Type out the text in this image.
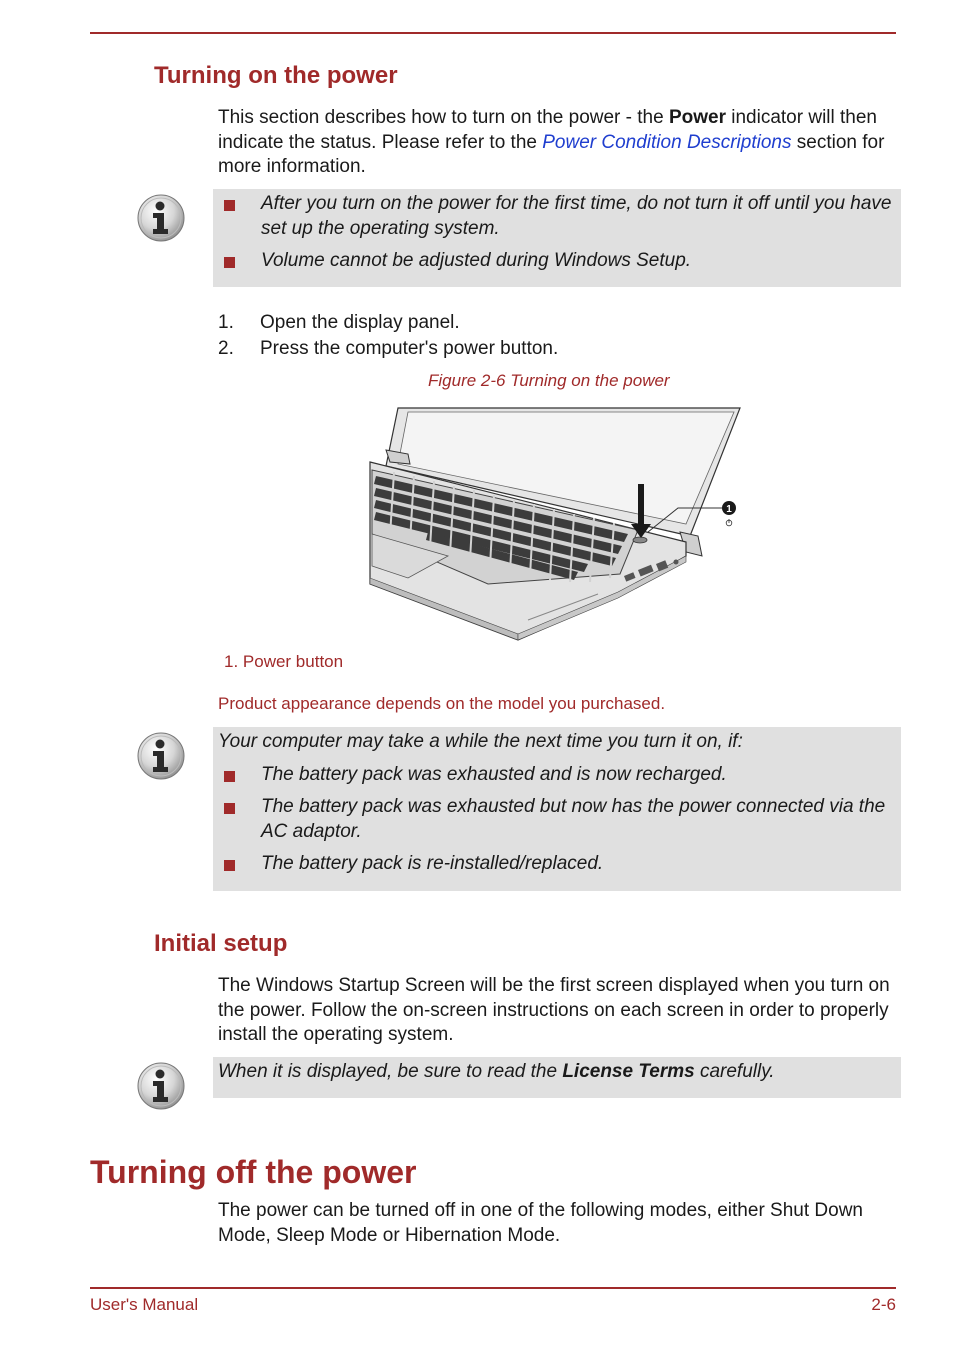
Turning on the power

This section describes how to turn on the power - the Power indicator will then indicate the status. Please refer to the Power Condition Descriptions section for more information.

After you turn on the power for the first time, do not turn it off until you have set up the operating system.
Volume cannot be adjusted during Windows Setup.
1. Open the display panel.
2. Press the computer's power button.

Figure 2-6 Turning on the power

1

1. Power button

Product appearance depends on the model you purchased.

Your computer may take a while the next time you turn it on, if:

The battery pack was exhausted and is now recharged.
The battery pack was exhausted but now has the power connected via the AC adaptor.
The battery pack is re-installed/replaced.
Initial setup

The Windows Startup Screen will be the first screen displayed when you turn on the power. Follow the on-screen instructions on each screen in order to properly install the operating system.

When it is displayed, be sure to read the License Terms carefully.
Turning off the power

The power can be turned off in one of the following modes, either Shut Down Mode, Sleep Mode or Hibernation Mode.

User's Manual	2-6
